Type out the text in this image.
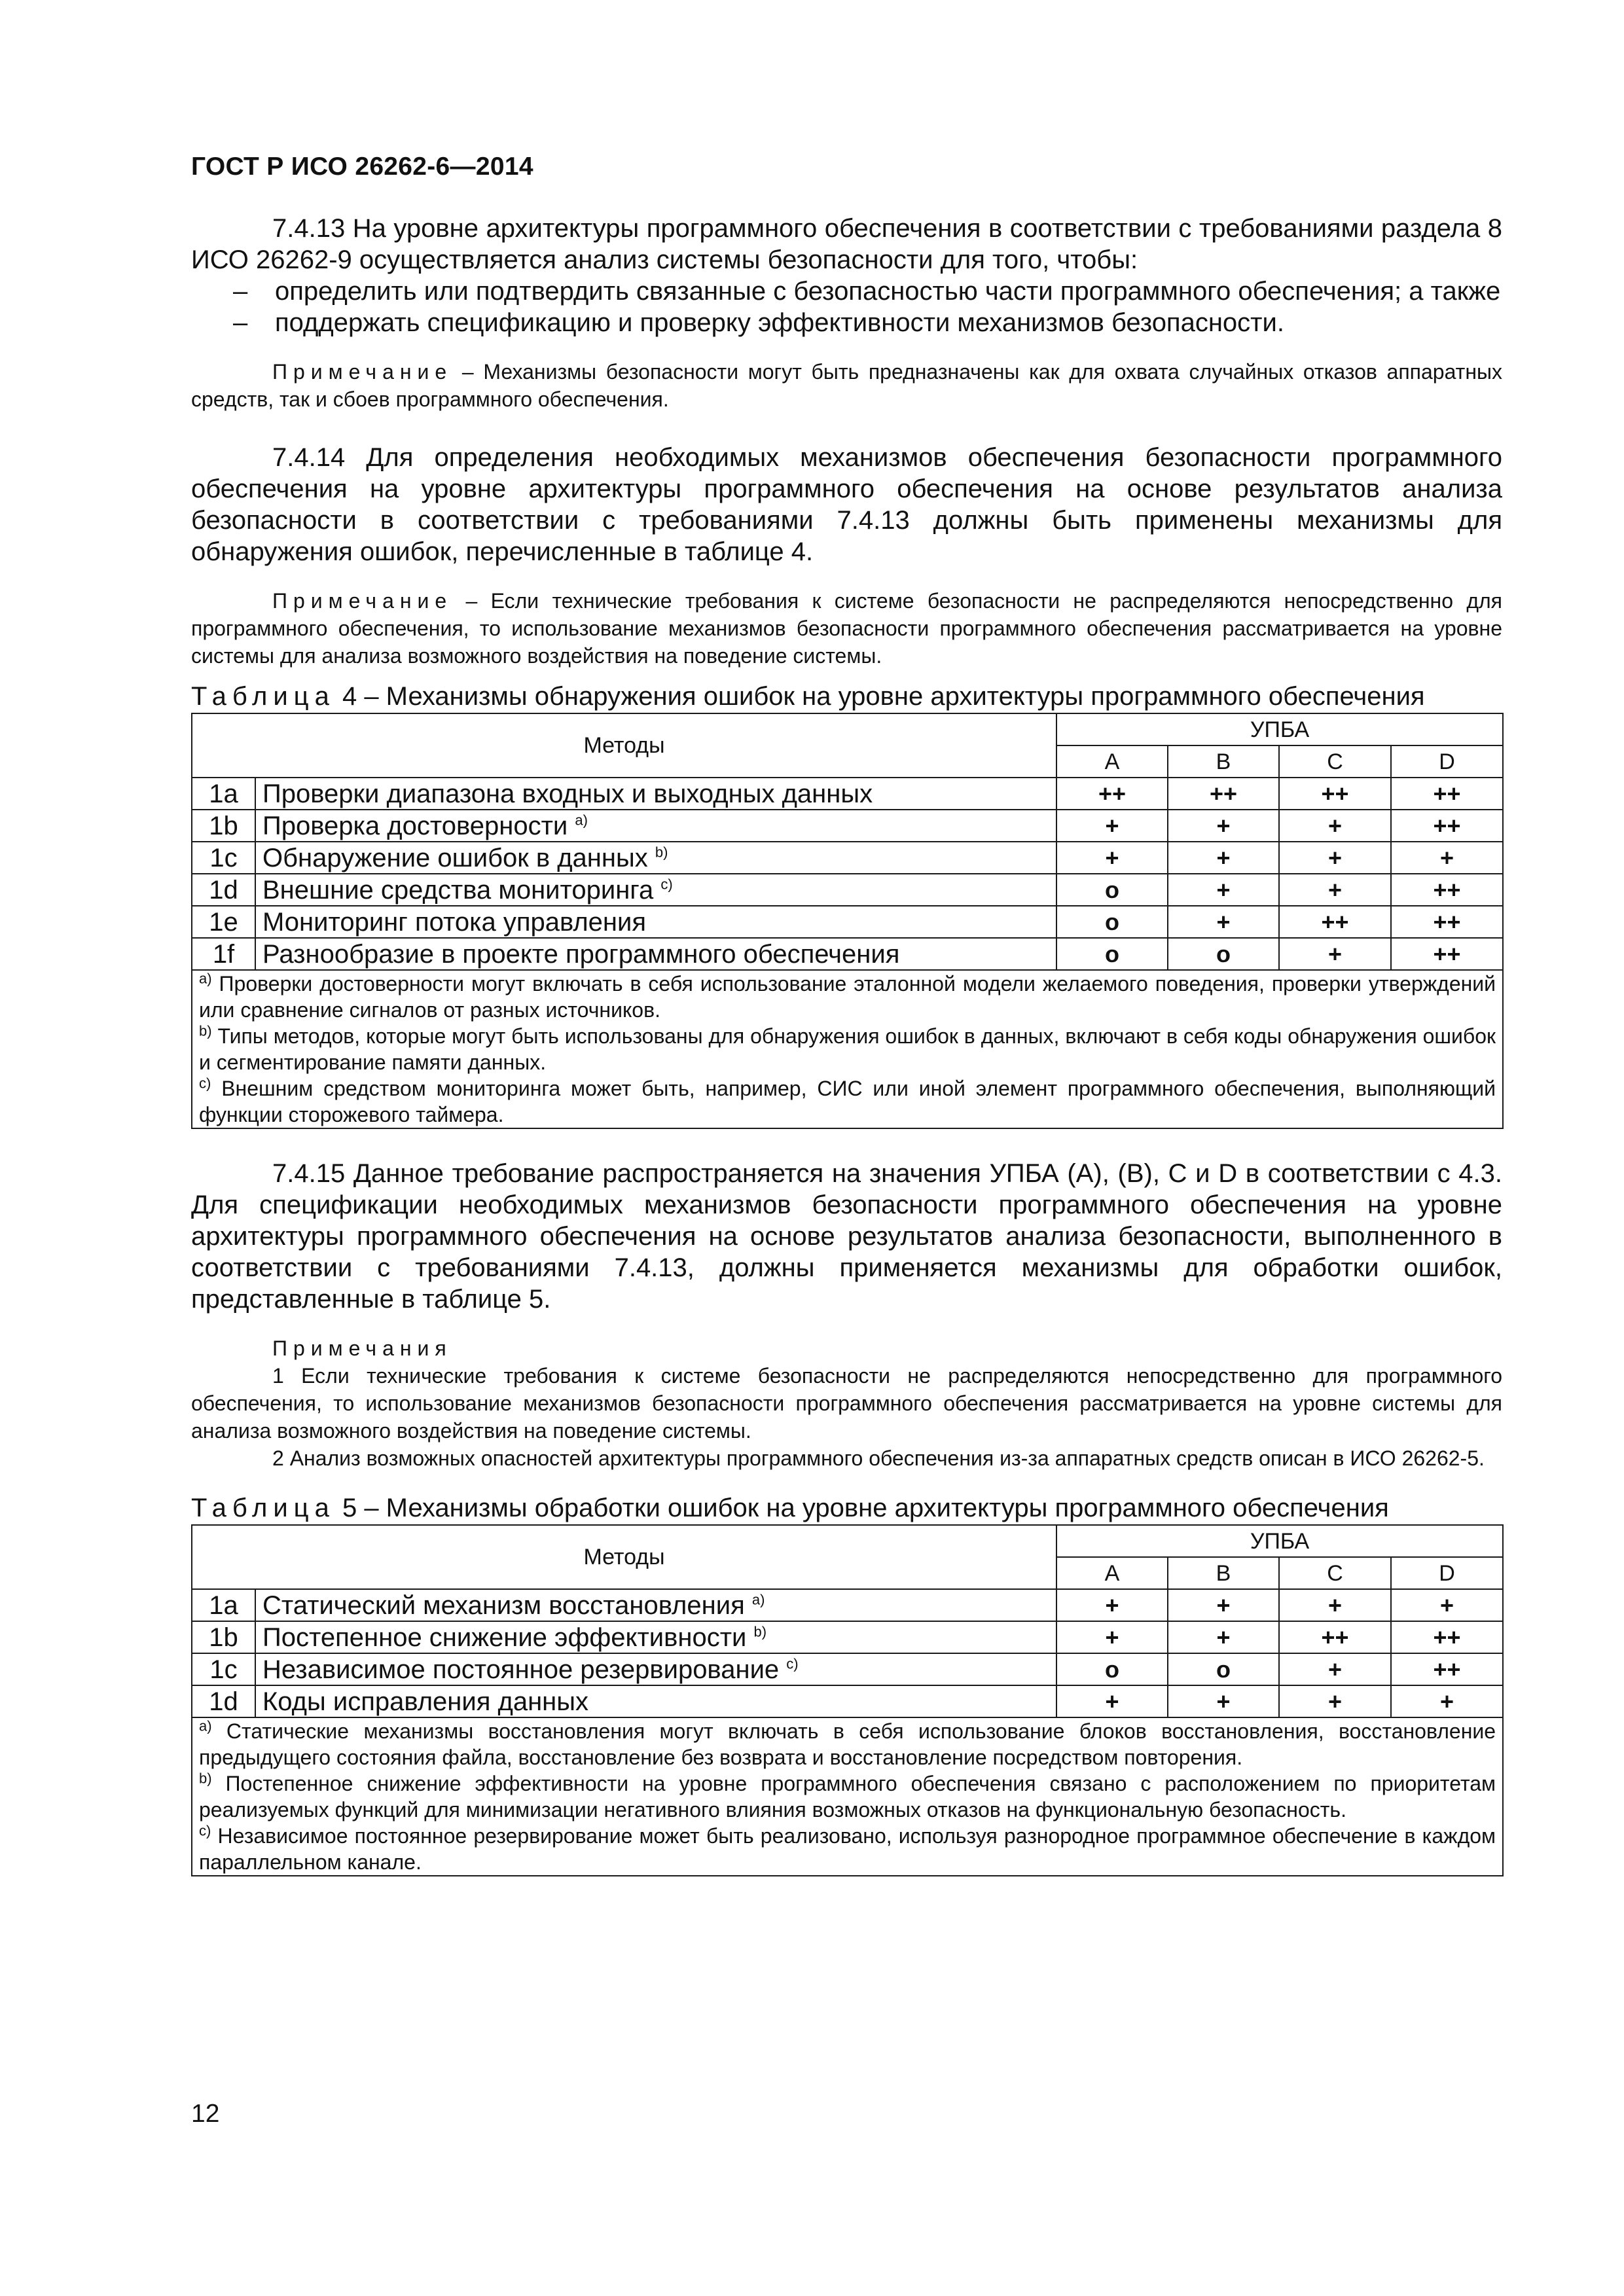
ГОСТ Р ИСО 26262-6—2014

7.4.13 На уровне архитектуры программного обеспечения в соответствии с требованиями раздела 8 ИСО 26262-9 осуществляется анализ системы безопасности для того, чтобы:

– определить или подтвердить связанные с безопасностью части программного обеспечения; а также

– поддержать спецификацию и проверку эффективности механизмов безопасности.

Примечание – Механизмы безопасности могут быть предназначены как для охвата случайных отказов аппаратных средств, так и сбоев программного обеспечения.

7.4.14 Для определения необходимых механизмов обеспечения безопасности программного обеспечения на уровне архитектуры программного обеспечения на основе результатов анализа безопасности в соответствии с требованиями 7.4.13 должны быть применены механизмы для обнаружения ошибок, перечисленные в таблице 4.

Примечание – Если технические требования к системе безопасности не распределяются непосредственно для программного обеспечения, то использование механизмов безопасности программного обеспечения рассматривается на уровне системы для анализа возможного воздействия на поведение системы.

Таблица 4 – Механизмы обнаружения ошибок на уровне архитектуры программного обеспечения

Методы		УПБА			
		A	B	C	D
1a	Проверки диапазона входных и выходных данных	++	++	++	++
1b	Проверка достоверности $^{a)}$	+	+	+	++
1c	Обнаружение ошибок в данных $^{b)}$	+	+	+	+
1d	Внешние средства мониторинга $^{c)}$	o	+	+	++
1e	Мониторинг потока управления	o	+	++	++
1f	Разнообразие в проекте программного обеспечения	o	o	+	++

$^{a)}$ Проверки достоверности могут включать в себя использование эталонной модели желаемого поведения, проверки утверждений или сравнение сигналов от разных источников.

$^{b)}$ Типы методов, которые могут быть использованы для обнаружения ошибок в данных, включают в себя коды обнаружения ошибок и сегментирование памяти данных.

$^{c)}$ Внешним средством мониторинга может быть, например, СИС или иной элемент программного обеспечения, выполняющий функции сторожевого таймера.					

7.4.15 Данное требование распространяется на значения УПБА (А), (В), С и D в соответствии с 4.3. Для спецификации необходимых механизмов безопасности программного обеспечения на уровне архитектуры программного обеспечения на основе результатов анализа безопасности, выполненного в соответствии с требованиями 7.4.13, должны применяется механизмы для обработки ошибок, представленные в таблице 5.

Примечания

1 Если технические требования к системе безопасности не распределяются непосредственно для программного обеспечения, то использование механизмов безопасности программного обеспечения рассматривается на уровне системы для анализа возможного воздействия на поведение системы.

2 Анализ возможных опасностей архитектуры программного обеспечения из-за аппаратных средств описан в ИСО 26262-5.

Таблица 5 – Механизмы обработки ошибок на уровне архитектуры программного обеспечения

Методы		УПБА			
		A	B	C	D
1a	Статический механизм восстановления $^{a)}$	+	+	+	+
1b	Постепенное снижение эффективности $^{b)}$	+	+	++	++
1c	Независимое постоянное резервирование $^{c)}$	o	o	+	++
1d	Коды исправления данных	+	+	+	+

$^{a)}$ Статические механизмы восстановления могут включать в себя использование блоков восстановления, восстановление предыдущего состояния файла, восстановление без возврата и восстановление посредством повторения.

$^{b)}$ Постепенное снижение эффективности на уровне программного обеспечения связано с расположением по приоритетам реализуемых функций для минимизации негативного влияния возможных отказов на функциональную безопасность.

$^{c)}$ Независимое постоянное резервирование может быть реализовано, используя разнородное программное обеспечение в каждом параллельном канале.					

12
